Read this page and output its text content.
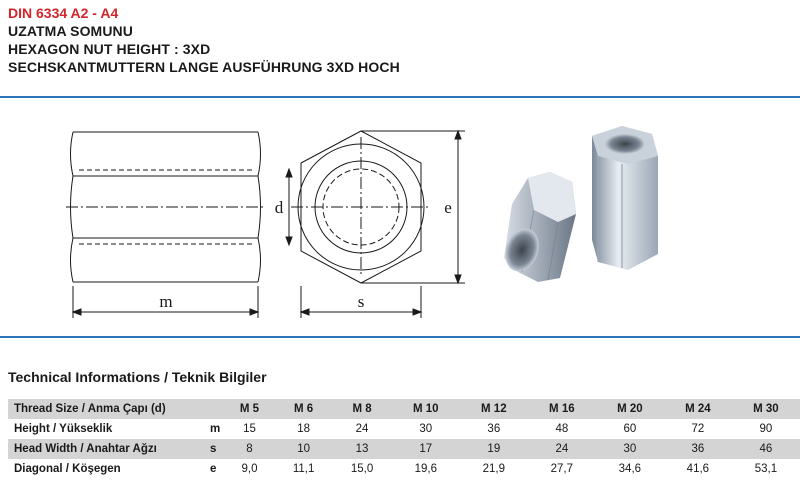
DIN 6334 A2 - A4
UZATMA SOMUNU
HEXAGON NUT HEIGHT : 3XD
SECHSKANTMUTTERN LANGE AUSFÜHRUNG 3XD HOCH
m
d
s
e
Technical Informations / Teknik Bilgiler
Thread Size / Anma Çapı (d)		M 5	M 6	M 8	M 10	M 12	M 16	M 20	M 24	M 30
Height / Yükseklik	m	15	18	24	30	36	48	60	72	90
Head Width / Anahtar Ağzı	s	8	10	13	17	19	24	30	36	46
Diagonal / Köşegen	e	9,0	11,1	15,0	19,6	21,9	27,7	34,6	41,6	53,1
